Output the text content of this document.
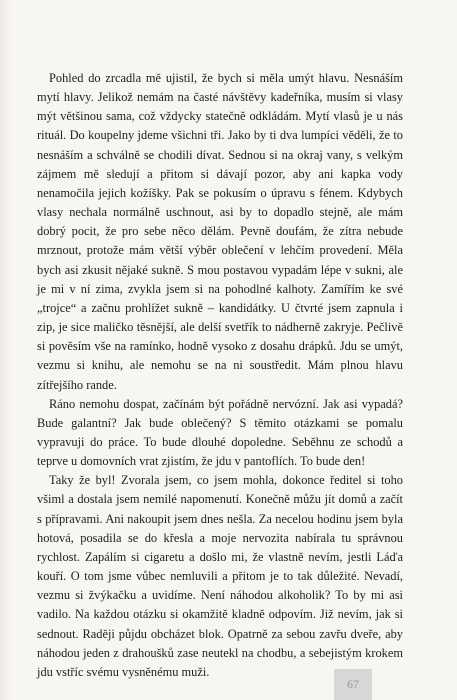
Pohled do zrcadla mě ujistil, že bych si měla umýt hlavu. Nesnáším mytí hlavy. Jelikož nemám na časté návštěvy kadeřníka, musím si vlasy mýt většinou sama, což vždycky statečně odkládám. Mytí vlasů je u nás rituál. Do koupelny jdeme všichni tři. Jako by ti dva lumpíci věděli, že to nesnáším a schválně se chodili dívat. Sednou si na okraj vany, s velkým zájmem mě sledují a přitom si dávají pozor, aby ani kapka vody nenamočila jejich kožíšky. Pak se pokusím o úpravu s fénem. Kdybych vlasy nechala normálně uschnout, asi by to dopadlo stejně, ale mám dobrý pocit, že pro sebe něco dělám. Pevně doufám, že zítra nebude mrznout, protože mám větší výběr oblečení v lehčím provedení. Měla bych asi zkusit nějaké sukně. S mou postavou vypadám lépe v sukni, ale je mi v ní zima, zvykla jsem si na pohodlné kalhoty. Zamířím ke své „trojce“ a začnu prohlížet sukně – kandidátky. U čtvrté jsem zapnula i zip, je sice maličko těsnější, ale delší svetřík to nádherně zakryje. Pečlivě si pověsím vše na ramínko, hodně vysoko z dosahu drápků. Jdu se umýt, vezmu si knihu, ale nemohu se na ni soustředit. Mám plnou hlavu zítřejšího rande.

Ráno nemohu dospat, začínám být pořádně nervózní. Jak asi vypadá? Bude galantní? Jak bude oblečený? S těmito otázkami se pomalu vypravuji do práce. To bude dlouhé dopoledne. Seběhnu ze schodů a teprve u domovních vrat zjistím, že jdu v pantoflích. To bude den!

Taky že byl! Zvorala jsem, co jsem mohla, dokonce ředitel si toho všiml a dostala jsem nemilé napomenutí. Konečně můžu jít domů a začít s přípravami. Ani nakoupit jsem dnes nešla. Za necelou hodinu jsem byla hotová, posadila se do křesla a moje nervozita nabírala tu správnou rychlost. Zapálím si cigaretu a došlo mi, že vlastně nevím, jestli Láďa kouří. O tom jsme vůbec nemluvili a přitom je to tak důležité. Nevadí, vezmu si žvýkačku a uvidíme. Není náhodou alkoholik? To by mi asi vadilo. Na každou otázku si okamžitě kladně odpovím. Již nevím, jak si sednout. Raději půjdu obcházet blok. Opatrně za sebou zavřu dveře, aby náhodou jeden z drahoušků zase neutekl na chodbu, a sebejistým krokem jdu vstříc svému vysněnému muži.

67
